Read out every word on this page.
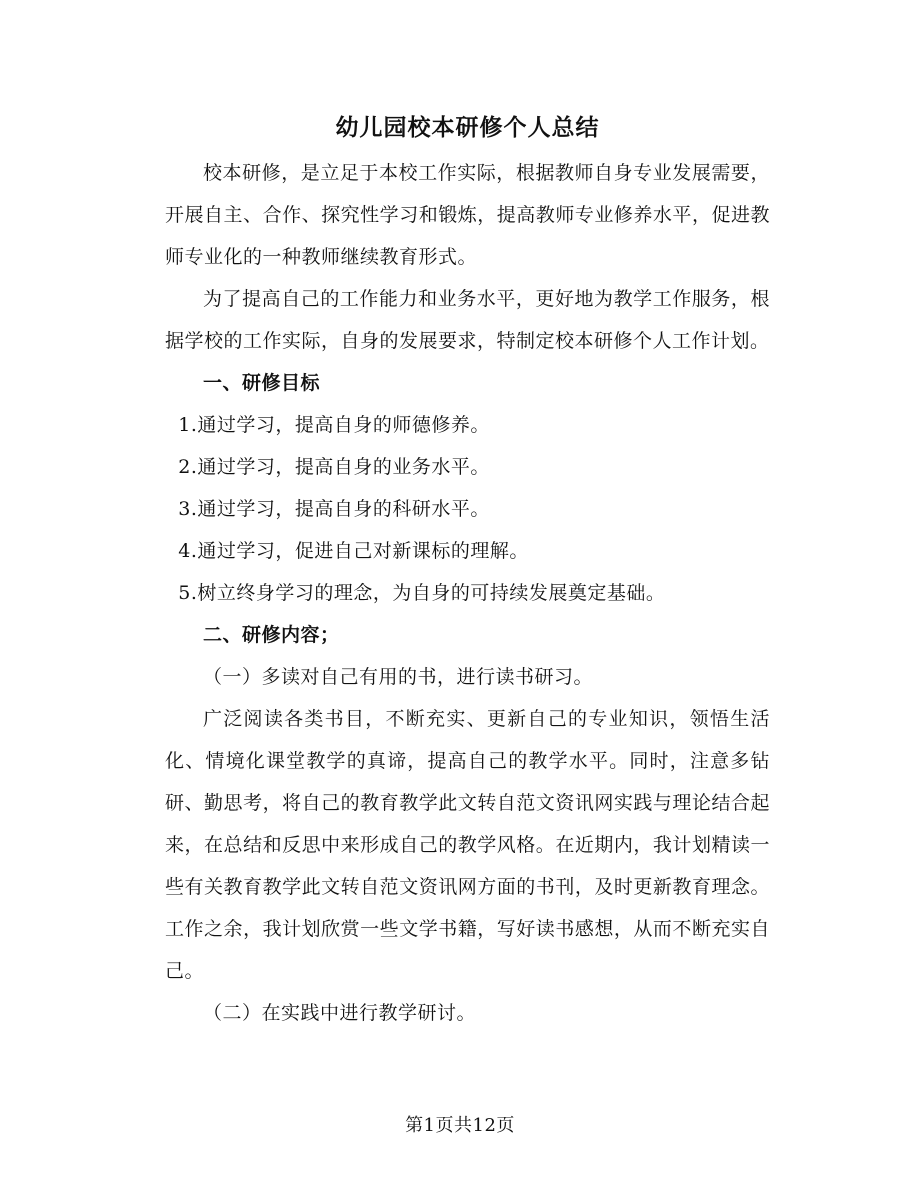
幼儿园校本研修个人总结

校本研修，是立足于本校工作实际，根据教师自身专业发展需要，开展自主、合作、探究性学习和锻炼，提高教师专业修养水平，促进教师专业化的一种教师继续教育形式。

为了提高自己的工作能力和业务水平，更好地为教学工作服务，根据学校的工作实际，自身的发展要求，特制定校本研修个人工作计划。

一、研修目标

1.通过学习，提高自身的师德修养。

2.通过学习，提高自身的业务水平。

3.通过学习，提高自身的科研水平。

4.通过学习，促进自己对新课标的理解。

5.树立终身学习的理念，为自身的可持续发展奠定基础。

二、研修内容；

（一）多读对自己有用的书，进行读书研习。

广泛阅读各类书目，不断充实、更新自己的专业知识，领悟生活化、情境化课堂教学的真谛，提高自己的教学水平。同时，注意多钻研、勤思考，将自己的教育教学此文转自范文资讯网实践与理论结合起来，在总结和反思中来形成自己的教学风格。在近期内，我计划精读一些有关教育教学此文转自范文资讯网方面的书刊，及时更新教育理念。工作之余，我计划欣赏一些文学书籍，写好读书感想，从而不断充实自己。

（二）在实践中进行教学研讨。

第1页共12页
